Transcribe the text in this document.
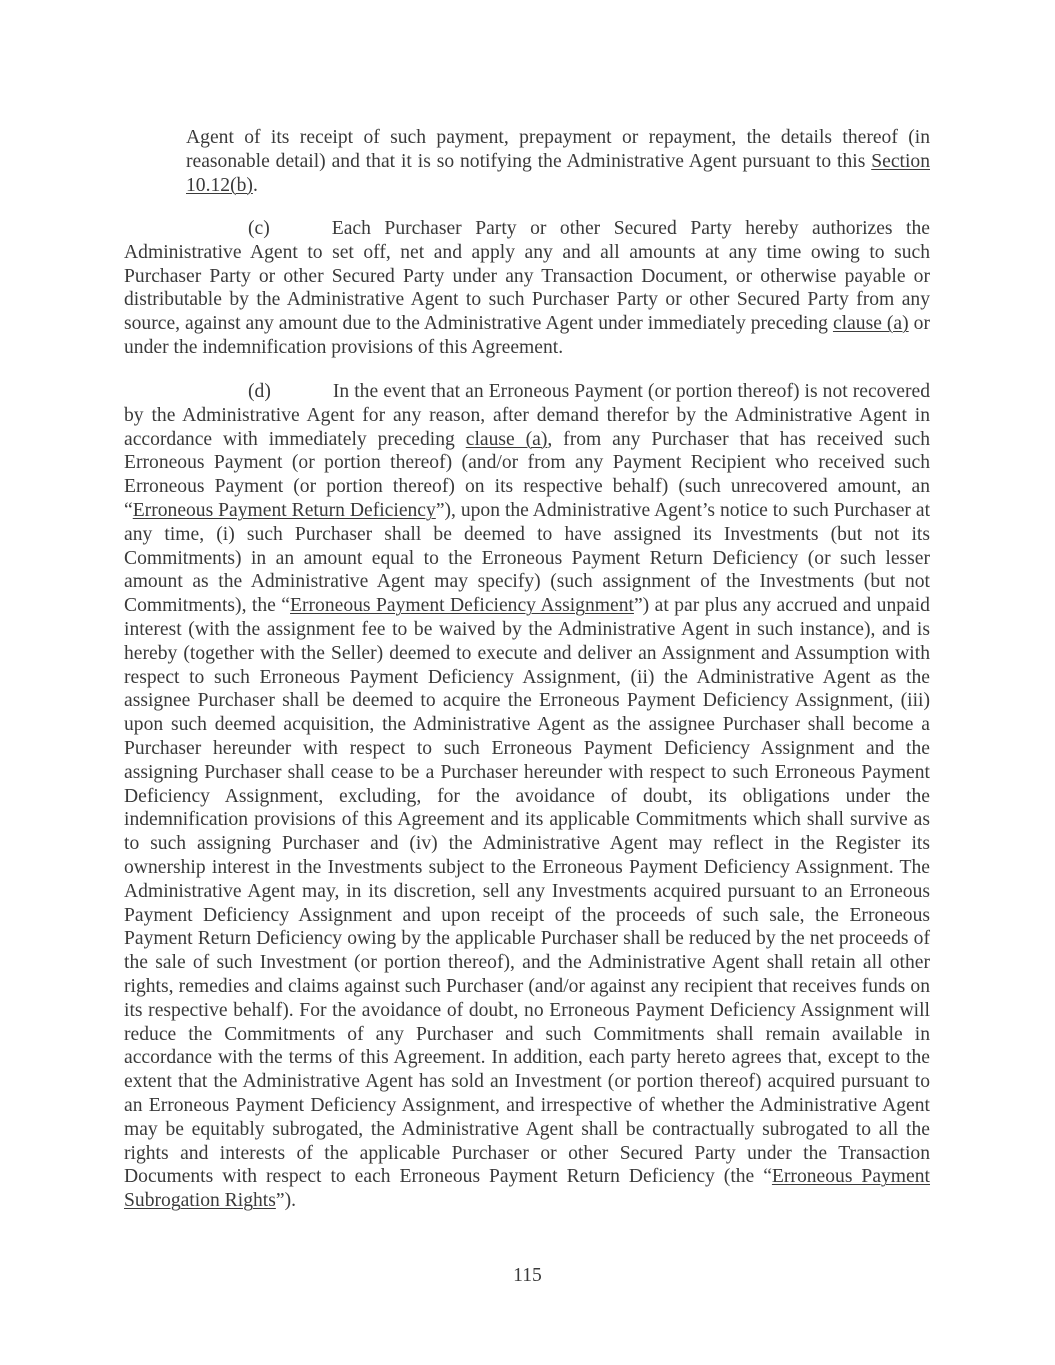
Agent of its receipt of such payment, prepayment or repayment, the details thereof (in reasonable detail) and that it is so notifying the Administrative Agent pursuant to this Section 10.12(b).

(c)	Each Purchaser Party or other Secured Party hereby authorizes the Administrative Agent to set off, net and apply any and all amounts at any time owing to such Purchaser Party or other Secured Party under any Transaction Document, or otherwise payable or distributable by the Administrative Agent to such Purchaser Party or other Secured Party from any source, against any amount due to the Administrative Agent under immediately preceding clause (a) or under the indemnification provisions of this Agreement.

(d)	In the event that an Erroneous Payment (or portion thereof) is not recovered by the Administrative Agent for any reason, after demand therefor by the Administrative Agent in accordance with immediately preceding clause (a), from any Purchaser that has received such Erroneous Payment (or portion thereof) (and/or from any Payment Recipient who received such Erroneous Payment (or portion thereof) on its respective behalf) (such unrecovered amount, an “Erroneous Payment Return Deficiency”), upon the Administrative Agent’s notice to such Purchaser at any time, (i) such Purchaser shall be deemed to have assigned its Investments (but not its Commitments) in an amount equal to the Erroneous Payment Return Deficiency (or such lesser amount as the Administrative Agent may specify) (such assignment of the Investments (but not Commitments), the “Erroneous Payment Deficiency Assignment”) at par plus any accrued and unpaid interest (with the assignment fee to be waived by the Administrative Agent in such instance), and is hereby (together with the Seller) deemed to execute and deliver an Assignment and Assumption with respect to such Erroneous Payment Deficiency Assignment, (ii) the Administrative Agent as the assignee Purchaser shall be deemed to acquire the Erroneous Payment Deficiency Assignment, (iii) upon such deemed acquisition, the Administrative Agent as the assignee Purchaser shall become a Purchaser hereunder with respect to such Erroneous Payment Deficiency Assignment and the assigning Purchaser shall cease to be a Purchaser hereunder with respect to such Erroneous Payment Deficiency Assignment, excluding, for the avoidance of doubt, its obligations under the indemnification provisions of this Agreement and its applicable Commitments which shall survive as to such assigning Purchaser and (iv) the Administrative Agent may reflect in the Register its ownership interest in the Investments subject to the Erroneous Payment Deficiency Assignment. The Administrative Agent may, in its discretion, sell any Investments acquired pursuant to an Erroneous Payment Deficiency Assignment and upon receipt of the proceeds of such sale, the Erroneous Payment Return Deficiency owing by the applicable Purchaser shall be reduced by the net proceeds of the sale of such Investment (or portion thereof), and the Administrative Agent shall retain all other rights, remedies and claims against such Purchaser (and/or against any recipient that receives funds on its respective behalf). For the avoidance of doubt, no Erroneous Payment Deficiency Assignment will reduce the Commitments of any Purchaser and such Commitments shall remain available in accordance with the terms of this Agreement. In addition, each party hereto agrees that, except to the extent that the Administrative Agent has sold an Investment (or portion thereof) acquired pursuant to an Erroneous Payment Deficiency Assignment, and irrespective of whether the Administrative Agent may be equitably subrogated, the Administrative Agent shall be contractually subrogated to all the rights and interests of the applicable Purchaser or other Secured Party under the Transaction Documents with respect to each Erroneous Payment Return Deficiency (the “Erroneous Payment Subrogation Rights”).

115
